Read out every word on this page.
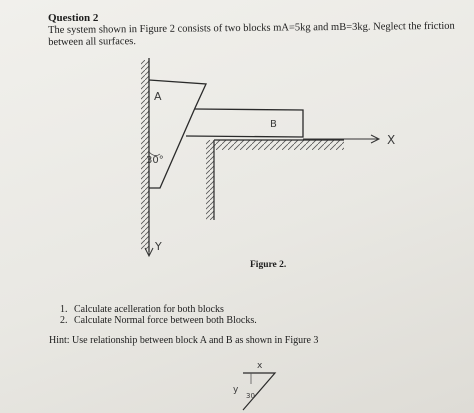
Question 2
The system shown in Figure 2 consists of two blocks mA=5kg and mB=3kg. Neglect the friction between all surfaces.
Y
A
30°
B
X
Figure 2.
1. Calculate acelleration for both blocks
2. Calculate Normal force between both Blocks.
Hint: Use relationship between block A and B as shown in Figure 3
x
y
30
